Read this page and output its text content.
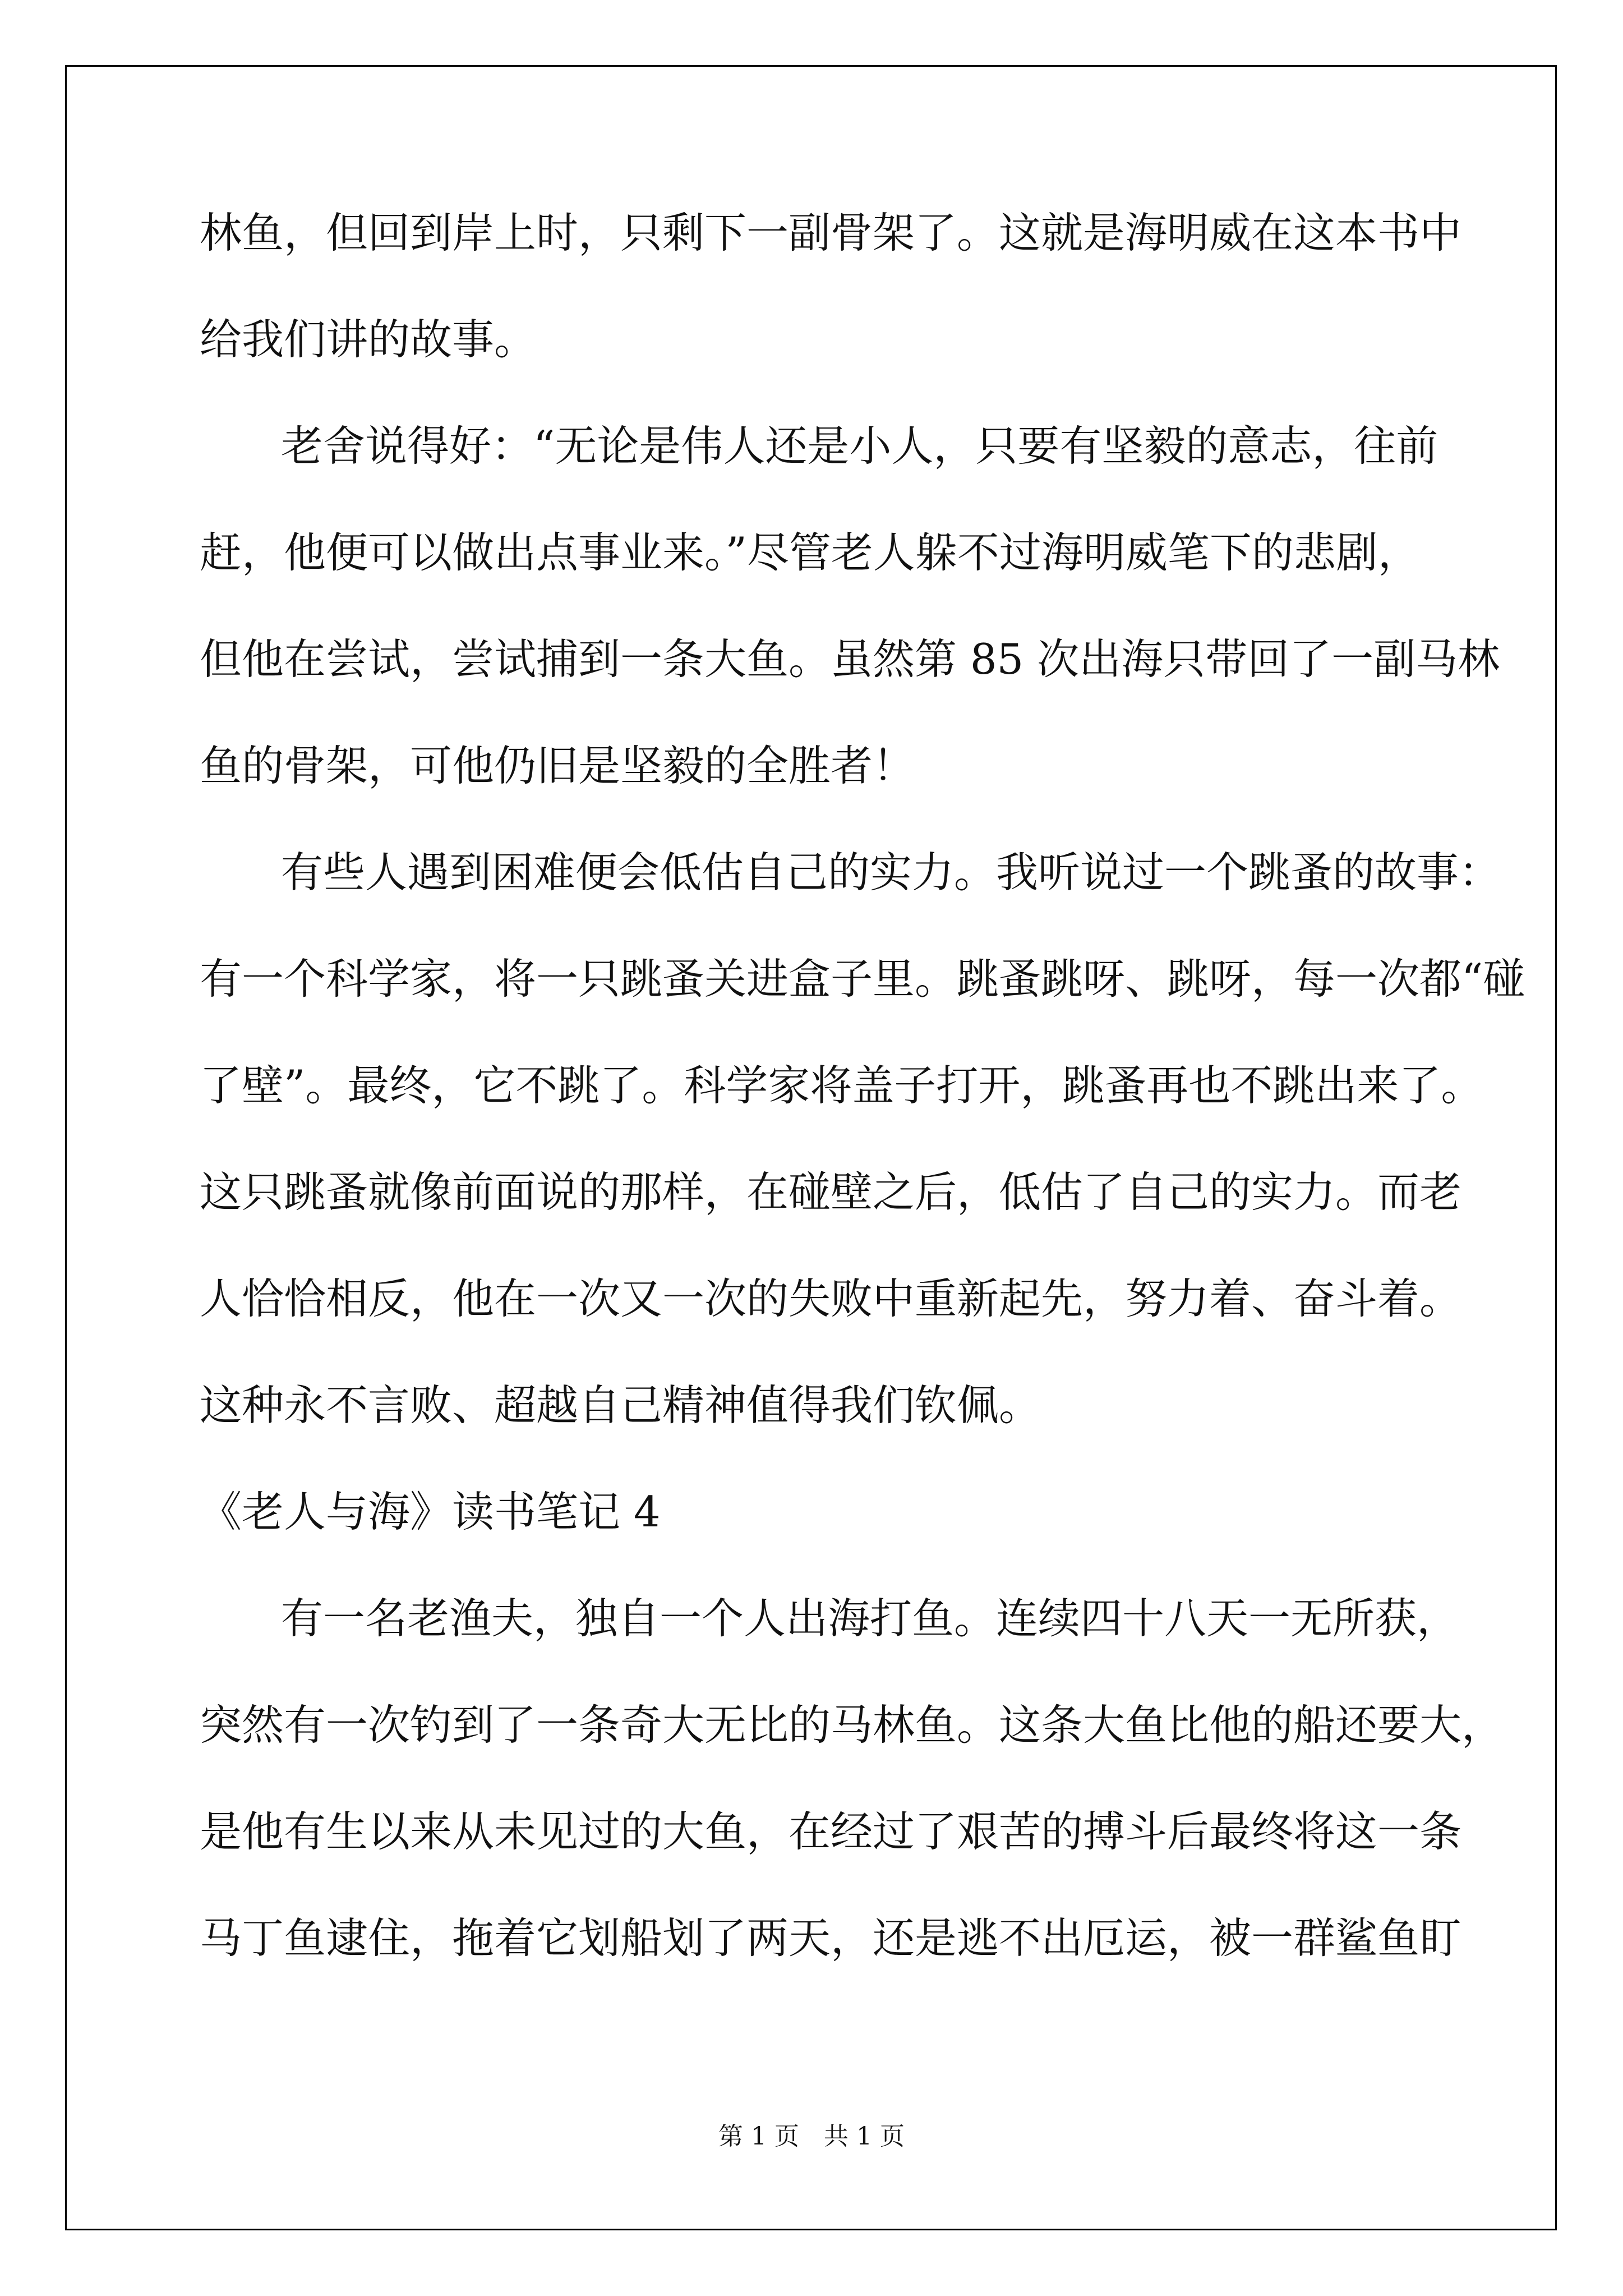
林鱼，但回到岸上时，只剩下一副骨架了。这就是海明威在这本书中
给我们讲的故事。
老舍说得好：“无论是伟人还是小人，只要有坚毅的意志，往前
赶，他便可以做出点事业来。”尽管老人躲不过海明威笔下的悲剧，
但他在尝试，尝试捕到一条大鱼。虽然第 85 次出海只带回了一副马林
鱼的骨架，可他仍旧是坚毅的全胜者！
有些人遇到困难便会低估自己的实力。我听说过一个跳蚤的故事：
有一个科学家，将一只跳蚤关进盒子里。跳蚤跳呀、跳呀，每一次都“碰
了壁”。最终，它不跳了。科学家将盖子打开，跳蚤再也不跳出来了。
这只跳蚤就像前面说的那样，在碰壁之后，低估了自己的实力。而老
人恰恰相反，他在一次又一次的失败中重新起先，努力着、奋斗着。
这种永不言败、超越自己精神值得我们钦佩。
《老人与海》读书笔记 4
有一名老渔夫，独自一个人出海打鱼。连续四十八天一无所获，
突然有一次钓到了一条奇大无比的马林鱼。这条大鱼比他的船还要大，
是他有生以来从未见过的大鱼，在经过了艰苦的搏斗后最终将这一条
马丁鱼逮住，拖着它划船划了两天，还是逃不出厄运，被一群鲨鱼盯
第 1 页　共 1 页
